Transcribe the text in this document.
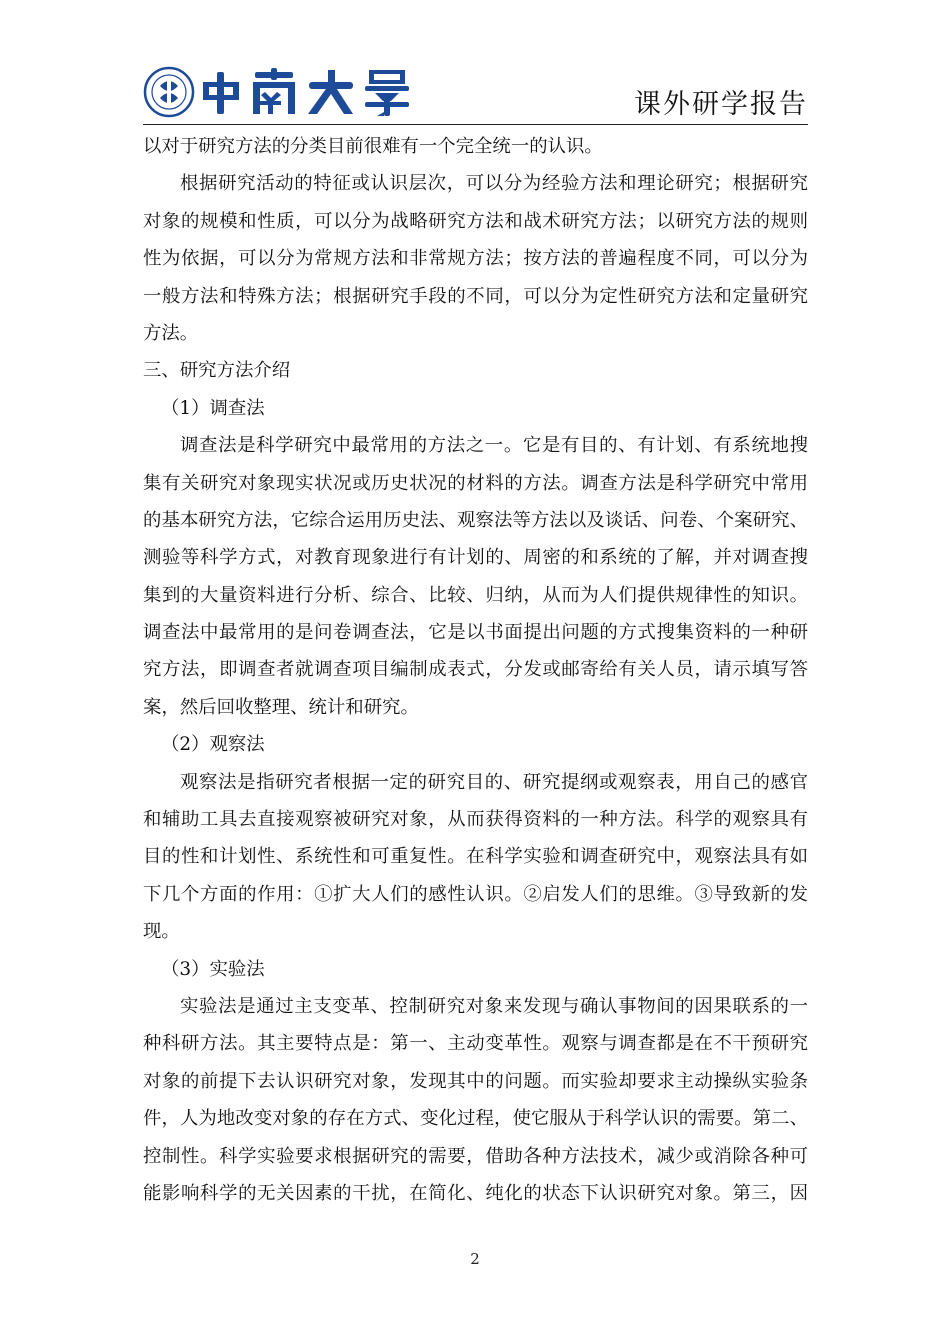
课外研学报告
以对于研究方法的分类目前很难有一个完全统一的认识。
根据研究活动的特征或认识层次，可以分为经验方法和理论研究；根据研究
对象的规模和性质，可以分为战略研究方法和战术研究方法；以研究方法的规则
性为依据，可以分为常规方法和非常规方法；按方法的普遍程度不同，可以分为
一般方法和特殊方法；根据研究手段的不同，可以分为定性研究方法和定量研究
方法。
三、研究方法介绍
（1）调查法
调查法是科学研究中最常用的方法之一。它是有目的、有计划、有系统地搜
集有关研究对象现实状况或历史状况的材料的方法。调查方法是科学研究中常用
的基本研究方法，它综合运用历史法、观察法等方法以及谈话、问卷、个案研究、
测验等科学方式，对教育现象进行有计划的、周密的和系统的了解，并对调查搜
集到的大量资料进行分析、综合、比较、归纳，从而为人们提供规律性的知识。
调查法中最常用的是问卷调查法，它是以书面提出问题的方式搜集资料的一种研
究方法，即调查者就调查项目编制成表式，分发或邮寄给有关人员，请示填写答
案，然后回收整理、统计和研究。
（2）观察法
观察法是指研究者根据一定的研究目的、研究提纲或观察表，用自己的感官
和辅助工具去直接观察被研究对象，从而获得资料的一种方法。科学的观察具有
目的性和计划性、系统性和可重复性。在科学实验和调查研究中，观察法具有如
下几个方面的作用：①扩大人们的感性认识。②启发人们的思维。③导致新的发
现。
（3）实验法
实验法是通过主支变革、控制研究对象来发现与确认事物间的因果联系的一
种科研方法。其主要特点是：第一、主动变革性。观察与调查都是在不干预研究
对象的前提下去认识研究对象，发现其中的问题。而实验却要求主动操纵实验条
件，人为地改变对象的存在方式、变化过程，使它服从于科学认识的需要。第二、
控制性。科学实验要求根据研究的需要，借助各种方法技术，减少或消除各种可
能影响科学的无关因素的干扰，在简化、纯化的状态下认识研究对象。第三，因
2
